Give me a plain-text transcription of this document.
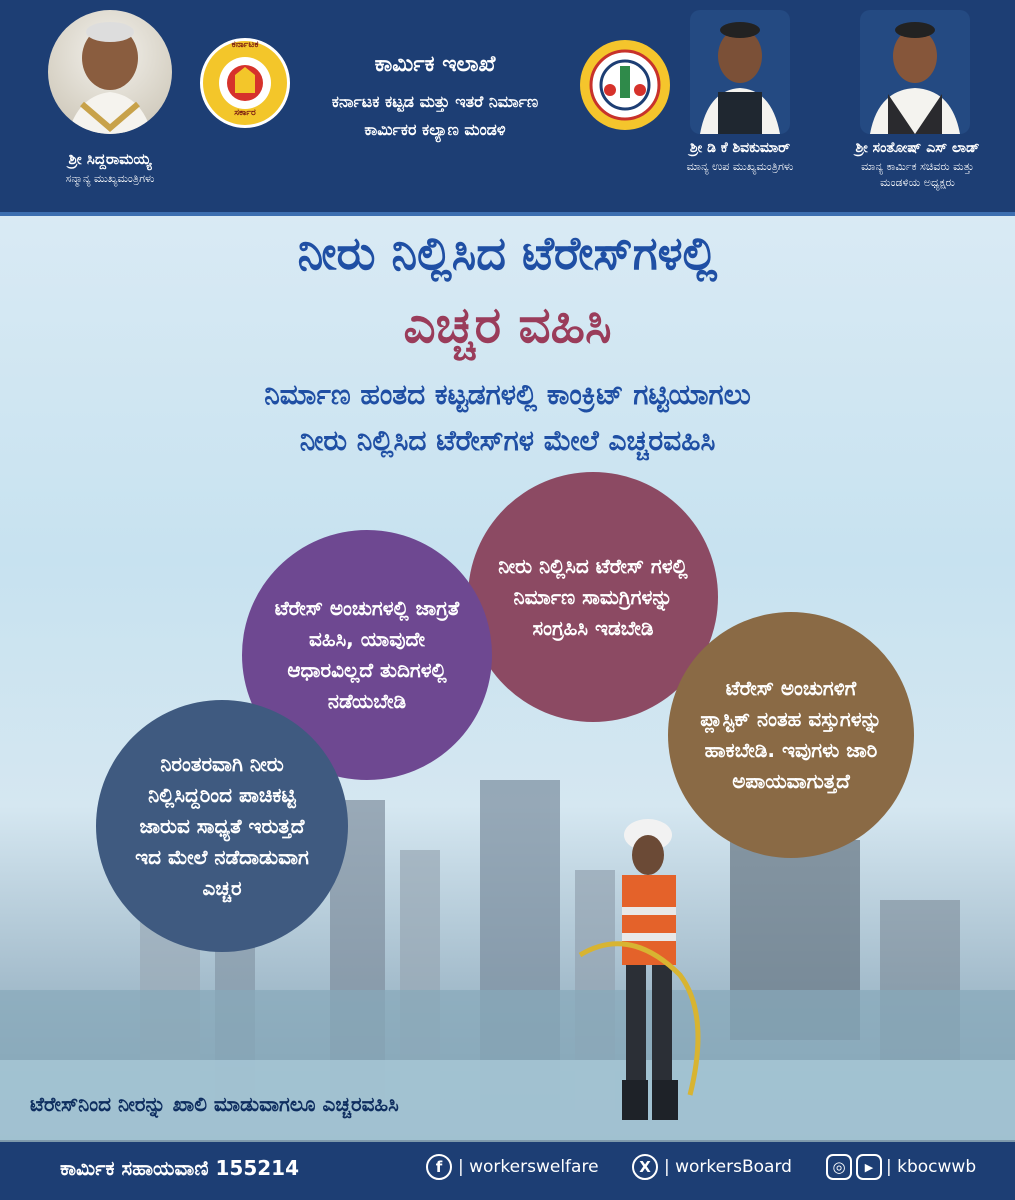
ಶ್ರೀ ಸಿದ್ದರಾಮಯ್ಯ
ಸನ್ಮಾನ್ಯ ಮುಖ್ಯಮಂತ್ರಿಗಳು
ಕರ್ನಾಟಕ
ಸರ್ಕಾರ
ಕಾರ್ಮಿಕ ಇಲಾಖೆ
ಕರ್ನಾಟಕ ಕಟ್ಟಡ ಮತ್ತು ಇತರೆ ನಿರ್ಮಾಣ
ಕಾರ್ಮಿಕರ ಕಲ್ಯಾಣ ಮಂಡಳಿ
ಶ್ರೀ ಡಿ ಕೆ ಶಿವಕುಮಾರ್
ಮಾನ್ಯ ಉಪ ಮುಖ್ಯಮಂತ್ರಿಗಳು
ಶ್ರೀ ಸಂತೋಷ್ ಎಸ್ ಲಾಡ್
ಮಾನ್ಯ ಕಾರ್ಮಿಕ ಸಚಿವರು ಮತ್ತು
ಮಂಡಳಿಯ ಅಧ್ಯಕ್ಷರು
ನೀರು ನಿಲ್ಲಿಸಿದ ಟೆರೇಸ್‌ಗಳಲ್ಲಿ
ಎಚ್ಚರ ವಹಿಸಿ
ನಿರ್ಮಾಣ ಹಂತದ ಕಟ್ಟಡಗಳಲ್ಲಿ ಕಾಂಕ್ರಿಟ್ ಗಟ್ಟಿಯಾಗಲು
ನೀರು ನಿಲ್ಲಿಸಿದ ಟೆರೇಸ್‌ಗಳ ಮೇಲೆ ಎಚ್ಚರವಹಿಸಿ
ನೀರು ನಿಲ್ಲಿಸಿದ ಟೆರೇಸ್ ಗಳಲ್ಲಿ ನಿರ್ಮಾಣ ಸಾಮಗ್ರಿಗಳನ್ನು ಸಂಗ್ರಹಿಸಿ ಇಡಬೇಡಿ
ಟೆರೇಸ್ ಅಂಚುಗಳಲ್ಲಿ ಜಾಗ್ರತೆ ವಹಿಸಿ, ಯಾವುದೇ ಆಧಾರವಿಲ್ಲದೆ ತುದಿಗಳಲ್ಲಿ ನಡೆಯಬೇಡಿ
ಟೆರೇಸ್ ಅಂಚುಗಳಿಗೆ ಪ್ಲಾಸ್ಟಿಕ್ ನಂತಹ ವಸ್ತುಗಳನ್ನು ಹಾಕಬೇಡಿ. ಇವುಗಳು ಜಾರಿ ಅಪಾಯವಾಗುತ್ತದೆ
ನಿರಂತರವಾಗಿ ನೀರು ನಿಲ್ಲಿಸಿದ್ದರಿಂದ ಪಾಚಿಕಟ್ಟಿ ಜಾರುವ ಸಾಧ್ಯತೆ ಇರುತ್ತದೆ ಇದ ಮೇಲೆ ನಡೆದಾಡುವಾಗ ಎಚ್ಚರ
ಟೆರೇಸ್‌ನಿಂದ ನೀರನ್ನು ಖಾಲಿ ಮಾಡುವಾಗಲೂ ಎಚ್ಚರವಹಿಸಿ
ಕಾರ್ಮಿಕ ಸಹಾಯವಾಣಿ 155214	f | workerswelfare	X | workersBoard	◎	▶ | kbocwwb
